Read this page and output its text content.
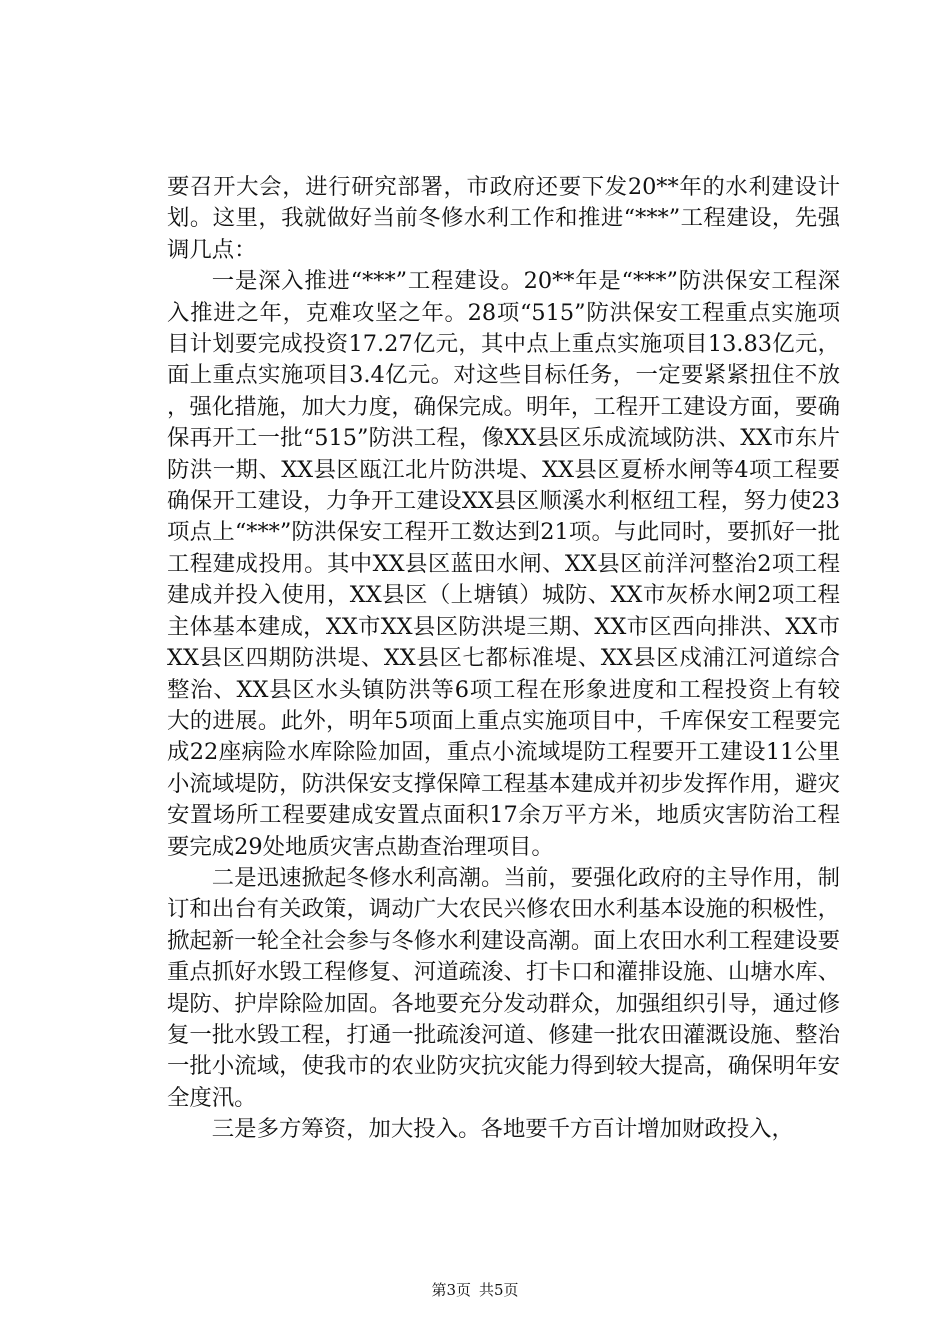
要召开大会，进行研究部署，市政府还要下发20**年的水利建设计划。这里，我就做好当前冬修水利工作和推进“***”工程建设，先强调几点：

一是深入推进“***”工程建设。20**年是“***”防洪保安工程深入推进之年，克难攻坚之年。28项“515”防洪保安工程重点实施项目计划要完成投资17.27亿元，其中点上重点实施项目13.83亿元，面上重点实施项目3.4亿元。对这些目标任务，一定要紧紧扭住不放，强化措施，加大力度，确保完成。明年，工程开工建设方面，要确保再开工一批“515”防洪工程，像XX县区乐成流域防洪、XX市东片防洪一期、XX县区瓯江北片防洪堤、XX县区夏桥水闸等4项工程要确保开工建设，力争开工建设XX县区顺溪水利枢纽工程，努力使23项点上“***”防洪保安工程开工数达到21项。与此同时，要抓好一批工程建成投用。其中XX县区蓝田水闸、XX县区前洋河整治2项工程建成并投入使用，XX县区（上塘镇）城防、XX市灰桥水闸2项工程主体基本建成，XX市XX县区防洪堤三期、XX市区西向排洪、XX市XX县区四期防洪堤、XX县区七都标准堤、XX县区戍浦江河道综合整治、XX县区水头镇防洪等6项工程在形象进度和工程投资上有较大的进展。此外，明年5项面上重点实施项目中，千库保安工程要完成22座病险水库除险加固，重点小流域堤防工程要开工建设11公里小流域堤防，防洪保安支撑保障工程基本建成并初步发挥作用，避灾安置场所工程要建成安置点面积17余万平方米，地质灾害防治工程要完成29处地质灾害点勘查治理项目。

二是迅速掀起冬修水利高潮。当前，要强化政府的主导作用，制订和出台有关政策，调动广大农民兴修农田水利基本设施的积极性，掀起新一轮全社会参与冬修水利建设高潮。面上农田水利工程建设要重点抓好水毁工程修复、河道疏浚、打卡口和灌排设施、山塘水库、堤防、护岸除险加固。各地要充分发动群众，加强组织引导，通过修复一批水毁工程，打通一批疏浚河道、修建一批农田灌溉设施、整治一批小流域，使我市的农业防灾抗灾能力得到较大提高，确保明年安全度汛。

三是多方筹资，加大投入。各地要千方百计增加财政投入，

第3页 共5页
